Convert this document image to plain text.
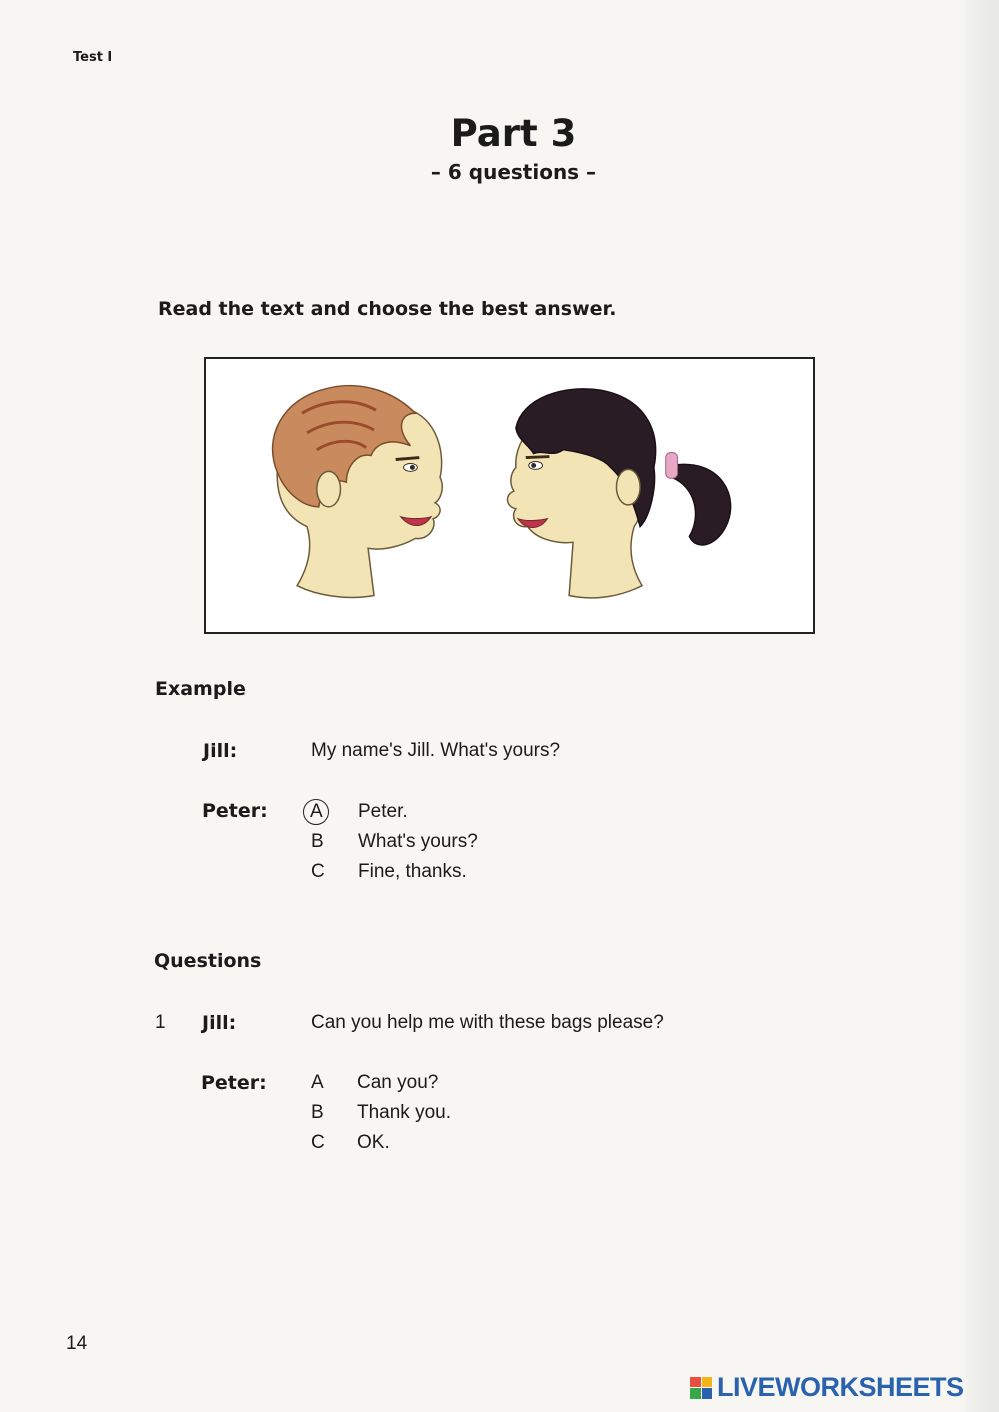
Test I
Part 3
– 6 questions –
Read the text and choose the best answer.
Example
Jill:	My name's Jill. What's yours?
Peter: A Peter.
B What's yours?
C Fine, thanks.
Questions
1 Jill:	Can you help me with these bags please?
Peter: A Can you?
B Thank you.
C OK.
14
LIVEWORKSHEETS
